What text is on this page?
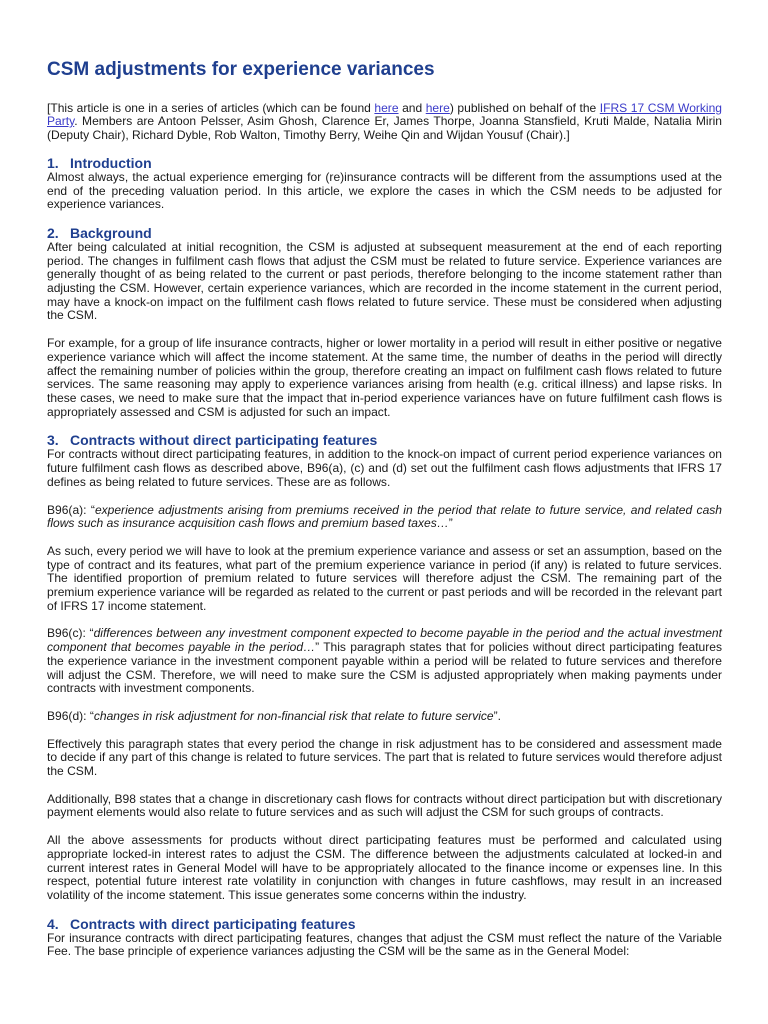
CSM adjustments for experience variances

[This article is one in a series of articles (which can be found here and here) published on behalf of the IFRS 17 CSM Working Party. Members are Antoon Pelsser, Asim Ghosh, Clarence Er, James Thorpe, Joanna Stansfield, Kruti Malde, Natalia Mirin (Deputy Chair), Richard Dyble, Rob Walton, Timothy Berry, Weihe Qin and Wijdan Yousuf (Chair).]

1. Introduction

Almost always, the actual experience emerging for (re)insurance contracts will be different from the assumptions used at the end of the preceding valuation period. In this article, we explore the cases in which the CSM needs to be adjusted for experience variances.

2. Background

After being calculated at initial recognition, the CSM is adjusted at subsequent measurement at the end of each reporting period. The changes in fulfilment cash flows that adjust the CSM must be related to future service. Experience variances are generally thought of as being related to the current or past periods, therefore belonging to the income statement rather than adjusting the CSM. However, certain experience variances, which are recorded in the income statement in the current period, may have a knock-on impact on the fulfilment cash flows related to future service. These must be considered when adjusting the CSM.

For example, for a group of life insurance contracts, higher or lower mortality in a period will result in either positive or negative experience variance which will affect the income statement. At the same time, the number of deaths in the period will directly affect the remaining number of policies within the group, therefore creating an impact on fulfilment cash flows related to future services. The same reasoning may apply to experience variances arising from health (e.g. critical illness) and lapse risks. In these cases, we need to make sure that the impact that in-period experience variances have on future fulfilment cash flows is appropriately assessed and CSM is adjusted for such an impact.

3. Contracts without direct participating features

For contracts without direct participating features, in addition to the knock-on impact of current period experience variances on future fulfilment cash flows as described above, B96(a), (c) and (d) set out the fulfilment cash flows adjustments that IFRS 17 defines as being related to future services. These are as follows.

B96(a): “experience adjustments arising from premiums received in the period that relate to future service, and related cash flows such as insurance acquisition cash flows and premium based taxes…”

As such, every period we will have to look at the premium experience variance and assess or set an assumption, based on the type of contract and its features, what part of the premium experience variance in period (if any) is related to future services. The identified proportion of premium related to future services will therefore adjust the CSM. The remaining part of the premium experience variance will be regarded as related to the current or past periods and will be recorded in the relevant part of IFRS 17 income statement.

B96(c): “differences between any investment component expected to become payable in the period and the actual investment component that becomes payable in the period…” This paragraph states that for policies without direct participating features the experience variance in the investment component payable within a period will be related to future services and therefore will adjust the CSM. Therefore, we will need to make sure the CSM is adjusted appropriately when making payments under contracts with investment components.

B96(d): “changes in risk adjustment for non-financial risk that relate to future service”.

Effectively this paragraph states that every period the change in risk adjustment has to be considered and assessment made to decide if any part of this change is related to future services. The part that is related to future services would therefore adjust the CSM.

Additionally, B98 states that a change in discretionary cash flows for contracts without direct participation but with discretionary payment elements would also relate to future services and as such will adjust the CSM for such groups of contracts.

All the above assessments for products without direct participating features must be performed and calculated using appropriate locked-in interest rates to adjust the CSM. The difference between the adjustments calculated at locked-in and current interest rates in General Model will have to be appropriately allocated to the finance income or expenses line. In this respect, potential future interest rate volatility in conjunction with changes in future cashflows, may result in an increased volatility of the income statement. This issue generates some concerns within the industry.

4. Contracts with direct participating features

For insurance contracts with direct participating features, changes that adjust the CSM must reflect the nature of the Variable Fee. The base principle of experience variances adjusting the CSM will be the same as in the General Model:
